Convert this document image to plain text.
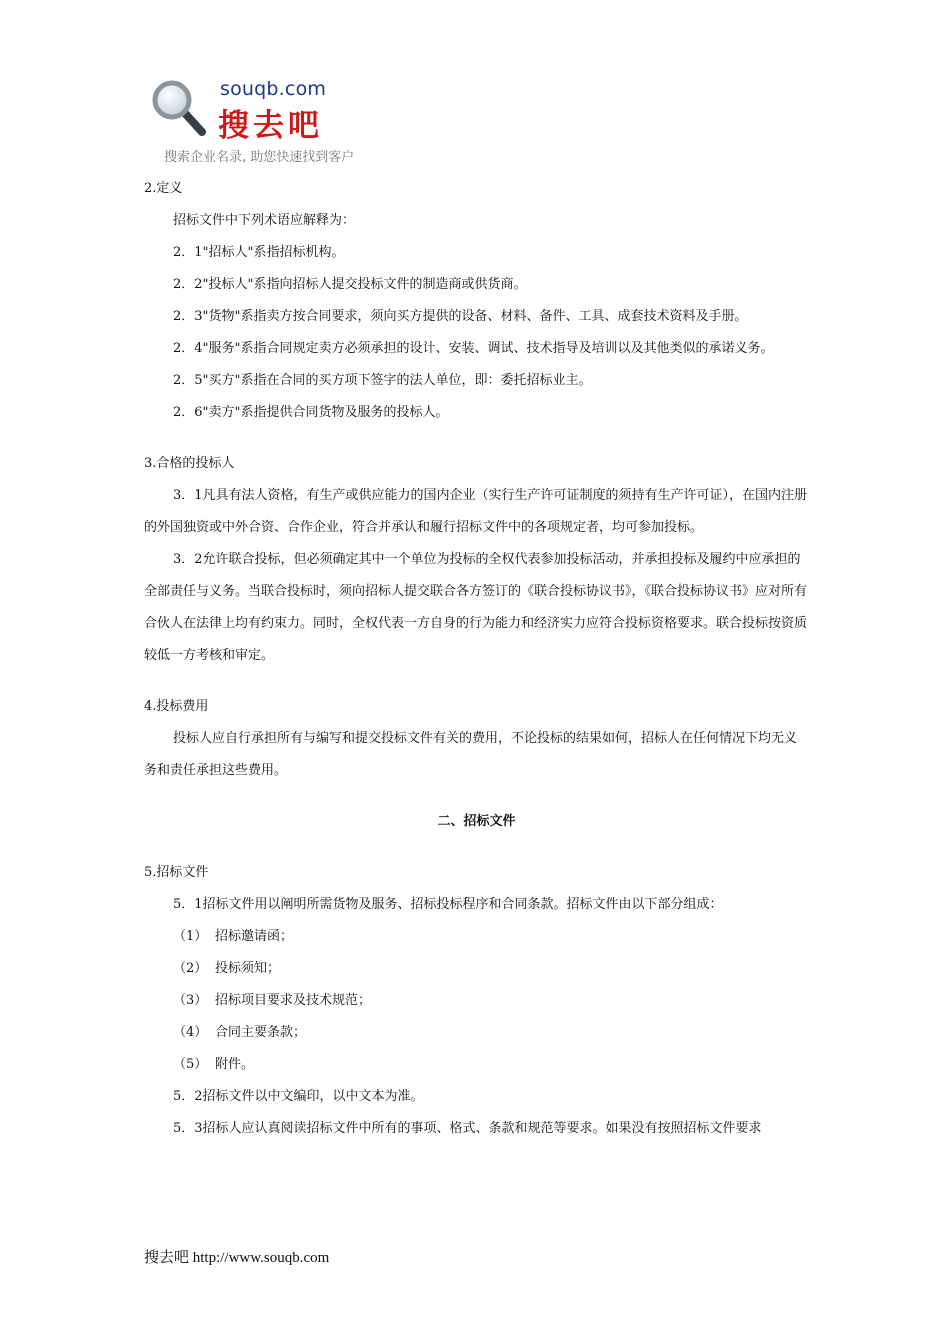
souqb.com
搜去吧
搜索企业名录, 助您快速找到客户

2.定义

招标文件中下列术语应解释为：

2．1"招标人"系指招标机构。

2．2"投标人"系指向招标人提交投标文件的制造商或供货商。

2．3"货物"系指卖方按合同要求，须向买方提供的设备、材料、备件、工具、成套技术资料及手册。

2．4"服务"系指合同规定卖方必须承担的设计、安装、调试、技术指导及培训以及其他类似的承诺义务。

2．5"买方"系指在合同的买方项下签字的法人单位，即：委托招标业主。

2．6"卖方"系指提供合同货物及服务的投标人。

3.合格的投标人

3．1凡具有法人资格，有生产或供应能力的国内企业（实行生产许可证制度的须持有生产许可证），在国内注册的外国独资或中外合资、合作企业，符合并承认和履行招标文件中的各项规定者，均可参加投标。

3．2允许联合投标，但必须确定其中一个单位为投标的全权代表参加投标活动，并承担投标及履约中应承担的全部责任与义务。当联合投标时，须向招标人提交联合各方签订的《联合投标协议书》，《联合投标协议书》应对所有合伙人在法律上均有约束力。同时，全权代表一方自身的行为能力和经济实力应符合投标资格要求。联合投标按资质较低一方考核和审定。

4.投标费用

投标人应自行承担所有与编写和提交投标文件有关的费用，不论投标的结果如何，招标人在任何情况下均无义务和责任承担这些费用。

二、招标文件

5.招标文件

5．1招标文件用以阐明所需货物及服务、招标投标程序和合同条款。招标文件由以下部分组成：

（1） 招标邀请函；

（2） 投标须知；

（3） 招标项目要求及技术规范；

（4） 合同主要条款；

（5） 附件。

5．2招标文件以中文编印，以中文本为准。

5．3招标人应认真阅读招标文件中所有的事项、格式、条款和规范等要求。如果没有按照招标文件要求

搜去吧 http://www.souqb.com
